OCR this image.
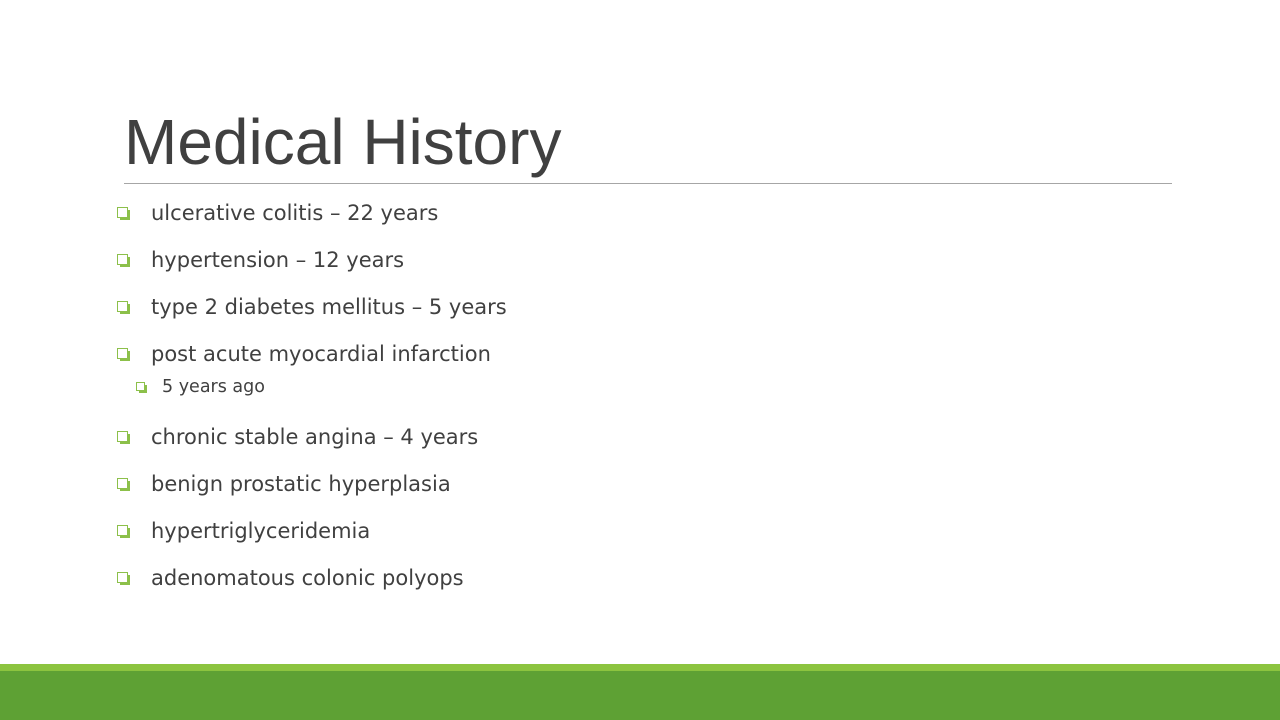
Medical History
ulcerative colitis – 22 years
hypertension – 12 years
type 2 diabetes mellitus – 5 years
post acute myocardial infarction
5 years ago
chronic stable angina – 4 years
benign prostatic hyperplasia
hypertriglyceridemia
adenomatous colonic polyops
